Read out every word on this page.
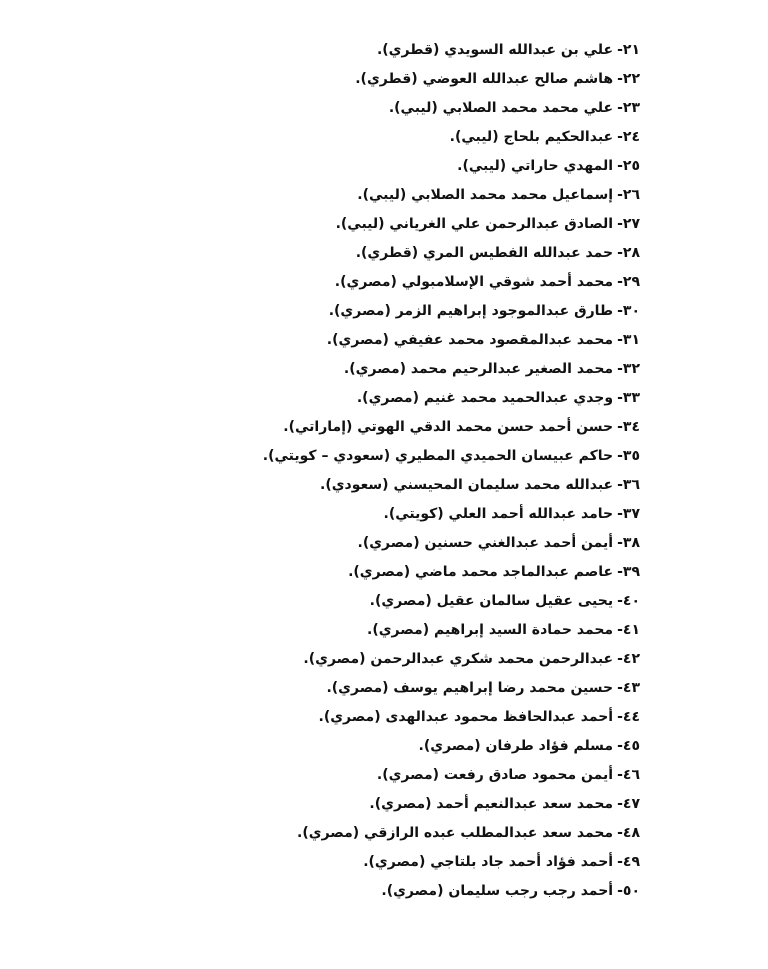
٢١-علي بن عبدالله السويدي (قطري).
٢٢-هاشم صالح عبدالله العوضي (قطري).
٢٣-علي محمد محمد الصلابي (ليبي).
٢٤-عبدالحكيم بلحاج (ليبي).
٢٥-المهدي حاراتي (ليبي).
٢٦-إسماعيل محمد محمد الصلابي (ليبي).
٢٧-الصادق عبدالرحمن علي الغرياني (ليبي).
٢٨-حمد عبدالله الفطيس المري (قطري).
٢٩-محمد أحمد شوقي الإسلامبولي (مصري).
٣٠-طارق عبدالموجود إبراهيم الزمر (مصري).
٣١-محمد عبدالمقصود محمد عفيفي (مصري).
٣٢-محمد الصغير عبدالرحيم محمد (مصري).
٣٣-وجدي عبدالحميد محمد غنيم (مصري).
٣٤-حسن أحمد حسن محمد الدقي الهوتي (إماراتي).
٣٥-حاكم عبيسان الحميدي المطيري (سعودي – كويتي).
٣٦-عبدالله محمد سليمان المحيسني (سعودي).
٣٧-حامد عبدالله أحمد العلي (كويتي).
٣٨-أيمن أحمد عبدالغني حسنين (مصري).
٣٩-عاصم عبدالماجد محمد ماضي (مصري).
٤٠-يحيى عقيل سالمان عقيل (مصري).
٤١-محمد حمادة السيد إبراهيم (مصري).
٤٢-عبدالرحمن محمد شكري عبدالرحمن (مصري).
٤٣-حسين محمد رضا إبراهيم يوسف (مصري).
٤٤-أحمد عبدالحافظ محمود عبدالهدى (مصري).
٤٥-مسلم فؤاد طرفان (مصري).
٤٦-أيمن محمود صادق رفعت (مصري).
٤٧-محمد سعد عبدالنعيم أحمد (مصري).
٤٨-محمد سعد عبدالمطلب عبده الرازقي (مصري).
٤٩-أحمد فؤاد أحمد جاد بلتاجي (مصري).
٥٠-أحمد رجب رجب سليمان (مصري).
